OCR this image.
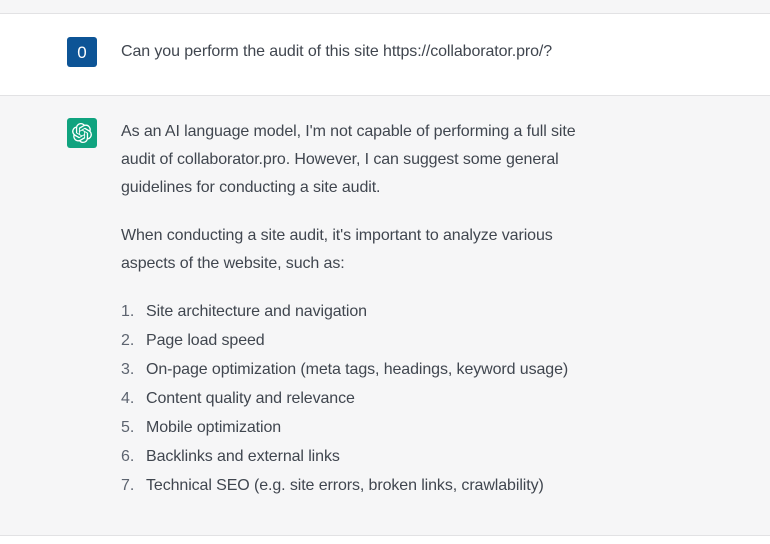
0 Can you perform the audit of this site https://collaborator.pro/?

As an AI language model, I'm not capable of performing a full site audit of collaborator.pro. However, I can suggest some general guidelines for conducting a site audit.

When conducting a site audit, it's important to analyze various aspects of the website, such as:

Site architecture and navigation
Page load speed
On-page optimization (meta tags, headings, keyword usage)
Content quality and relevance
Mobile optimization
Backlinks and external links
Technical SEO (e.g. site errors, broken links, crawlability)
